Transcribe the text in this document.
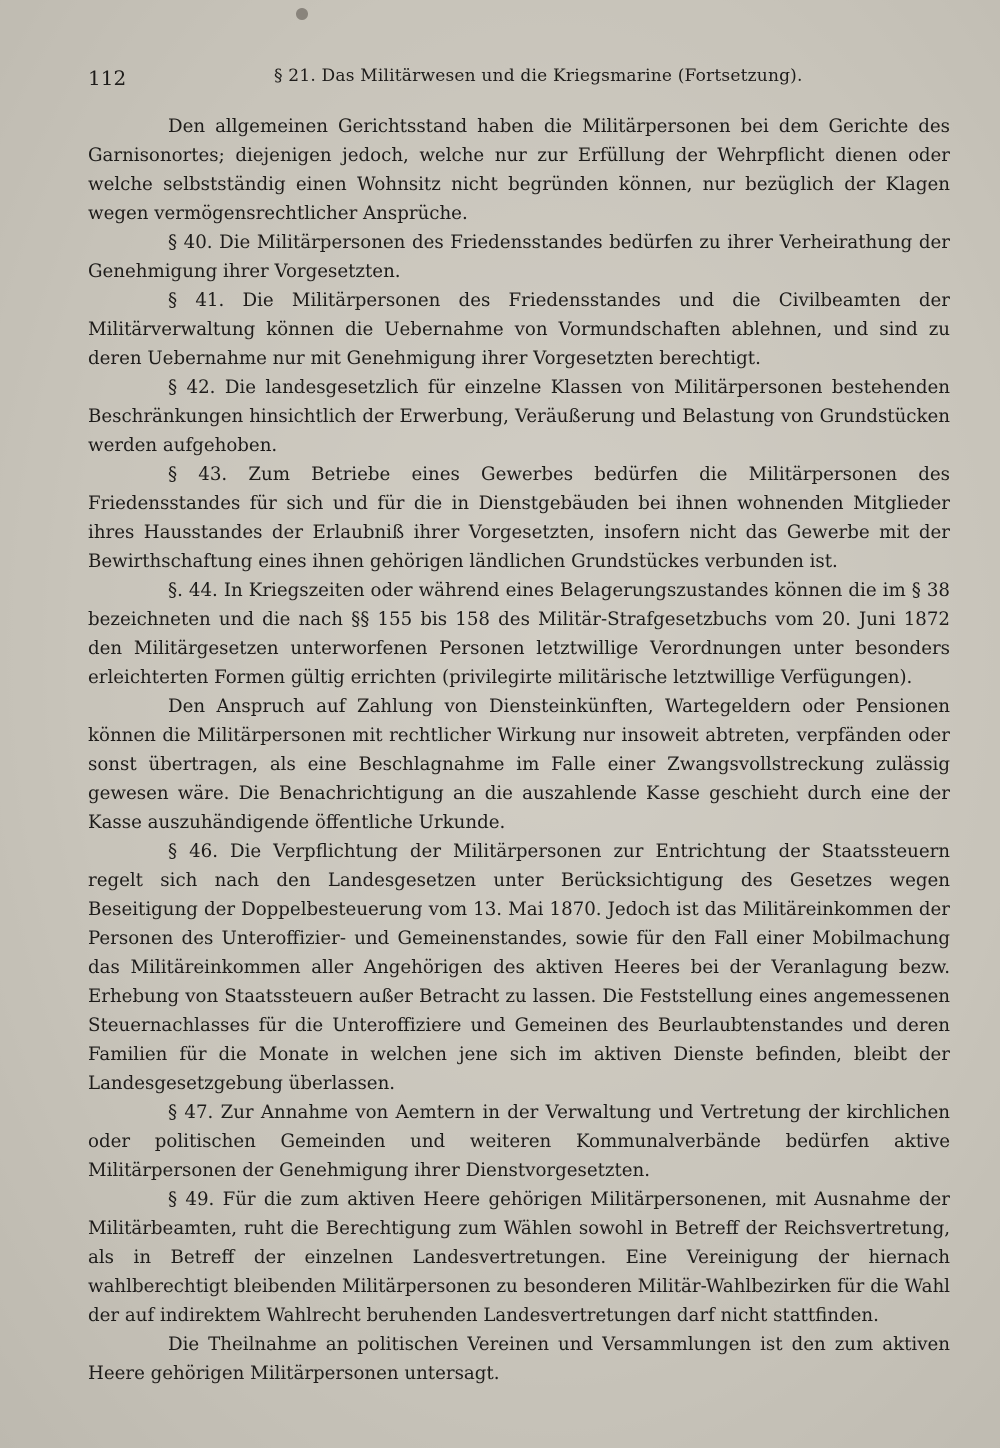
112	§ 21. Das Militärwesen und die Kriegsmarine (Fortsetzung).

Den allgemeinen Gerichtsstand haben die Militärpersonen bei dem Gerichte des Garnisonortes; diejenigen jedoch, welche nur zur Erfüllung der Wehrpflicht dienen oder welche selbstständig einen Wohnsitz nicht begründen können, nur bezüglich der Klagen wegen vermögensrechtlicher Ansprüche.

§ 40. Die Militärpersonen des Friedensstandes bedürfen zu ihrer Verheirathung der Genehmigung ihrer Vorgesetzten.

§ 41. Die Militärpersonen des Friedensstandes und die Civilbeamten der Militärverwaltung können die Uebernahme von Vormundschaften ablehnen, und sind zu deren Uebernahme nur mit Genehmigung ihrer Vorgesetzten berechtigt.

§ 42. Die landesgesetzlich für einzelne Klassen von Militärpersonen bestehenden Beschränkungen hinsichtlich der Erwerbung, Veräußerung und Belastung von Grundstücken werden aufgehoben.

§ 43. Zum Betriebe eines Gewerbes bedürfen die Militärpersonen des Friedensstandes für sich und für die in Dienstgebäuden bei ihnen wohnenden Mitglieder ihres Hausstandes der Erlaubniß ihrer Vorgesetzten, insofern nicht das Gewerbe mit der Bewirthschaftung eines ihnen gehörigen ländlichen Grundstückes verbunden ist.

§. 44. In Kriegszeiten oder während eines Belagerungszustandes können die im § 38 bezeichneten und die nach §§ 155 bis 158 des Militär-Strafgesetzbuchs vom 20. Juni 1872 den Militärgesetzen unterworfenen Personen letztwillige Verordnungen unter besonders erleichterten Formen gültig errichten (privilegirte militärische letztwillige Verfügungen).

Den Anspruch auf Zahlung von Diensteinkünften, Wartegeldern oder Pensionen können die Militärpersonen mit rechtlicher Wirkung nur insoweit abtreten, verpfänden oder sonst übertragen, als eine Beschlagnahme im Falle einer Zwangsvollstreckung zulässig gewesen wäre. Die Benachrichtigung an die auszahlende Kasse geschieht durch eine der Kasse auszuhändigende öffentliche Urkunde.

§ 46. Die Verpflichtung der Militärpersonen zur Entrichtung der Staatssteuern regelt sich nach den Landesgesetzen unter Berücksichtigung des Gesetzes wegen Beseitigung der Doppelbesteuerung vom 13. Mai 1870. Jedoch ist das Militäreinkommen der Personen des Unteroffizier- und Gemeinenstandes, sowie für den Fall einer Mobilmachung das Militäreinkommen aller Angehörigen des aktiven Heeres bei der Veranlagung bezw. Erhebung von Staatssteuern außer Betracht zu lassen. Die Feststellung eines angemessenen Steuernachlasses für die Unteroffiziere und Gemeinen des Beurlaubtenstandes und deren Familien für die Monate in welchen jene sich im aktiven Dienste befinden, bleibt der Landesgesetzgebung überlassen.

§ 47. Zur Annahme von Aemtern in der Verwaltung und Vertretung der kirchlichen oder politischen Gemeinden und weiteren Kommunalverbände bedürfen aktive Militärpersonen der Genehmigung ihrer Dienstvorgesetzten.

§ 49. Für die zum aktiven Heere gehörigen Militärpersonenen, mit Ausnahme der Militärbeamten, ruht die Berechtigung zum Wählen sowohl in Betreff der Reichsvertretung, als in Betreff der einzelnen Landesvertretungen. Eine Vereinigung der hiernach wahlberechtigt bleibenden Militärpersonen zu besonderen Militär-Wahlbezirken für die Wahl der auf indirektem Wahlrecht beruhenden Landesvertretungen darf nicht stattfinden.

Die Theilnahme an politischen Vereinen und Versammlungen ist den zum aktiven Heere gehörigen Militärpersonen untersagt.
